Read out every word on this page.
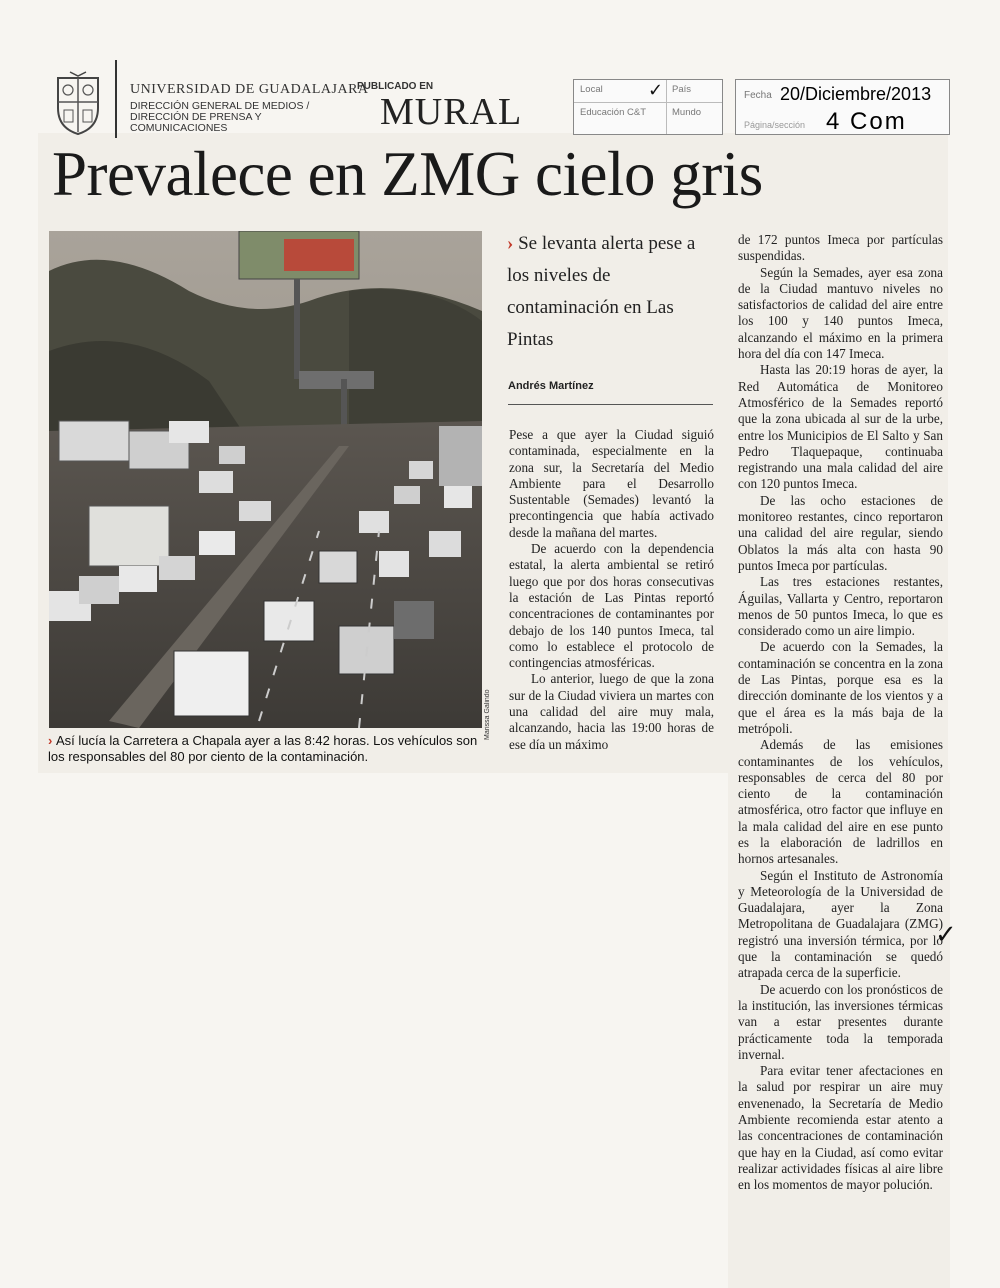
UNIVERSIDAD DE GUADALAJARA
DIRECCIÓN GENERAL DE MEDIOS /
DIRECCIÓN DE PRENSA Y
COMUNICACIONES
PUBLICADO EN
MURAL
Local	País
Educación C&T	Mundo
✓	Fecha 20/Diciembre/2013
Página/sección 4 Com
Prevalece en ZMG cielo gris
Marissa Galindo
› Así lucía la Carretera a Chapala ayer a las 8:42 horas. Los vehículos son los responsables del 80 por ciento de la contaminación.
› Se levanta alerta pese a los niveles de contaminación en Las Pintas
Andrés Martínez

Pese a que ayer la Ciudad siguió contaminada, especialmente en la zona sur, la Secretaría del Medio Ambiente para el Desarrollo Sustentable (Semades) levantó la precontingencia que había activado desde la mañana del martes.

De acuerdo con la dependencia estatal, la alerta ambiental se retiró luego que por dos horas consecutivas la estación de Las Pintas reportó concentraciones de contaminantes por debajo de los 140 puntos Imeca, tal como lo establece el protocolo de contingencias atmosféricas.

Lo anterior, luego de que la zona sur de la Ciudad viviera un martes con una calidad del aire muy mala, alcanzando, hacia las 19:00 horas de ese día un máximo

de 172 puntos Imeca por partículas suspendidas.

Según la Semades, ayer esa zona de la Ciudad mantuvo niveles no satisfactorios de calidad del aire entre los 100 y 140 puntos Imeca, alcanzando el máximo en la primera hora del día con 147 Imeca.

Hasta las 20:19 horas de ayer, la Red Automática de Monitoreo Atmosférico de la Semades reportó que la zona ubicada al sur de la urbe, entre los Municipios de El Salto y San Pedro Tlaquepaque, continuaba registrando una mala calidad del aire con 120 puntos Imeca.

De las ocho estaciones de monitoreo restantes, cinco reportaron una calidad del aire regular, siendo Oblatos la más alta con hasta 90 puntos Imeca por partículas.

Las tres estaciones restantes, Águilas, Vallarta y Centro, reportaron menos de 50 puntos Imeca, lo que es considerado como un aire limpio.

De acuerdo con la Semades, la contaminación se concentra en la zona de Las Pintas, porque esa es la dirección dominante de los vientos y a que el área es la más baja de la metrópoli.

Además de las emisiones contaminantes de los vehículos, responsables de cerca del 80 por ciento de la contaminación atmosférica, otro factor que influye en la mala calidad del aire en ese punto es la elaboración de ladrillos en hornos artesanales.

Según el Instituto de Astronomía y Meteorología de la Universidad de Guadalajara, ayer la Zona Metropolitana de Guadalajara (ZMG) registró una inversión térmica, por lo que la contaminación se quedó atrapada cerca de la superficie.

De acuerdo con los pronósticos de la institución, las inversiones térmicas van a estar presentes durante prácticamente toda la temporada invernal.

Para evitar tener afectaciones en la salud por respirar un aire muy envenenado, la Secretaría de Medio Ambiente recomienda estar atento a las concentraciones de contaminación que hay en la Ciudad, así como evitar realizar actividades físicas al aire libre en los momentos de mayor polución.

✓
